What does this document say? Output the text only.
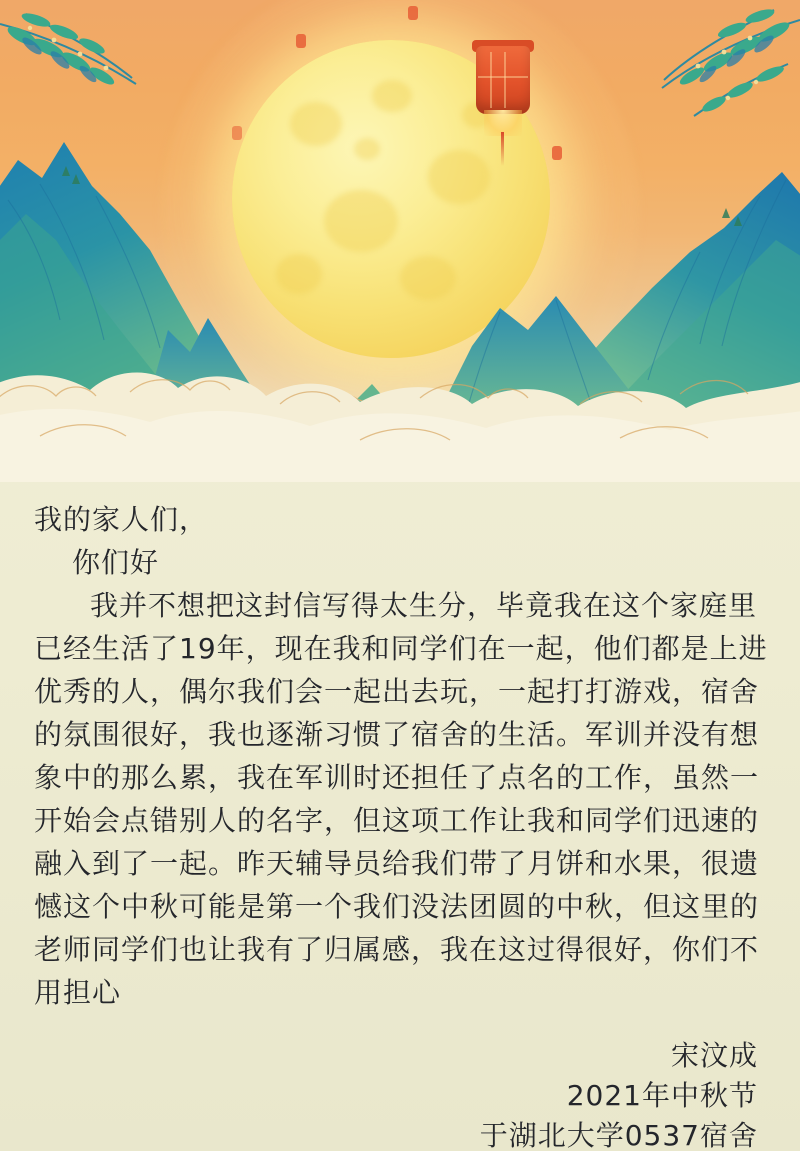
我的家人们，

你们好

我并不想把这封信写得太生分，毕竟我在这个家庭里已经生活了19年，现在我和同学们在一起，他们都是上进优秀的人，偶尔我们会一起出去玩，一起打打游戏，宿舍的氛围很好，我也逐渐习惯了宿舍的生活。军训并没有想象中的那么累，我在军训时还担任了点名的工作，虽然一开始会点错别人的名字，但这项工作让我和同学们迅速的融入到了一起。昨天辅导员给我们带了月饼和水果，很遗憾这个中秋可能是第一个我们没法团圆的中秋，但这里的老师同学们也让我有了归属感，我在这过得很好，你们不用担心

宋汶成
2021年中秋节
于湖北大学0537宿舍
